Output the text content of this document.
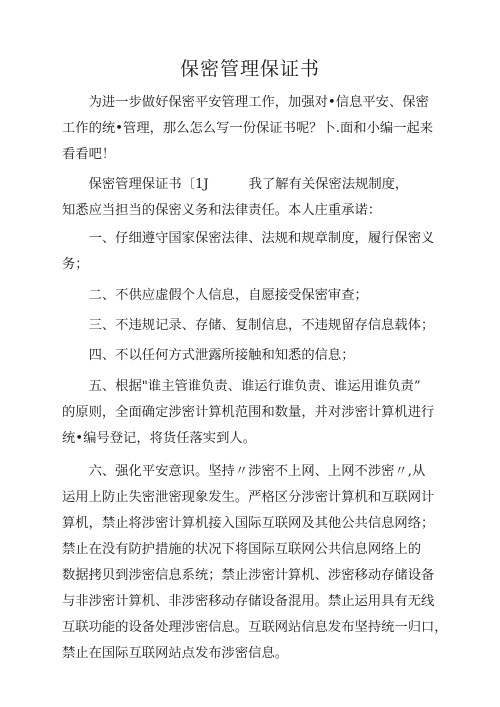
保密管理保证书
　　为进一步做好保密平安管理工作，加强对•信息平安、保密
工作的统•管理，那么怎么写一份保证书呢？卜.面和小编一起来
看看吧！
　　保密管理保证书〔1J　　　我了解有关保密法规制度，
知悉应当担当的保密义务和法律责任。本人庄重承诺：
　　一、仔细遵守国家保密法律、法规和规章制度，履行保密义
务；
　　二、不供应虚假个人信息，自愿接受保密审查；
　　三、不违规记录、存储、复制信息，不违规留存信息载体；
　　四、不以任何方式泄露所接触和知悉的信息；
　　五、根据"谁主管谁负责、谁运行谁负责、谁运用谁负责”
的原则，全面确定涉密计算机范围和数量，并对涉密计算机进行
统•编号登记，将货任落实到人。
　　六、强化平安意识。坚持〃涉密不上网、上网不涉密〃,从
运用上防止失密泄密现象发生。严格区分涉密计算机和互联网计
算机，禁止将涉密计算机接入国际互联网及其他公共信息网络；
禁止在没有防护措施的状况下将国际互联网公共信息网络上的
数据拷贝到涉密信息系统；禁止涉密计算机、涉密移动存储设备
与非涉密计算机、非涉密移动存储设备混用。禁止运用具有无线
互联功能的设备处理涉密信息。互联网站信息发布坚持统一归口，
禁止在国际互联网站点发布涉密信息。
